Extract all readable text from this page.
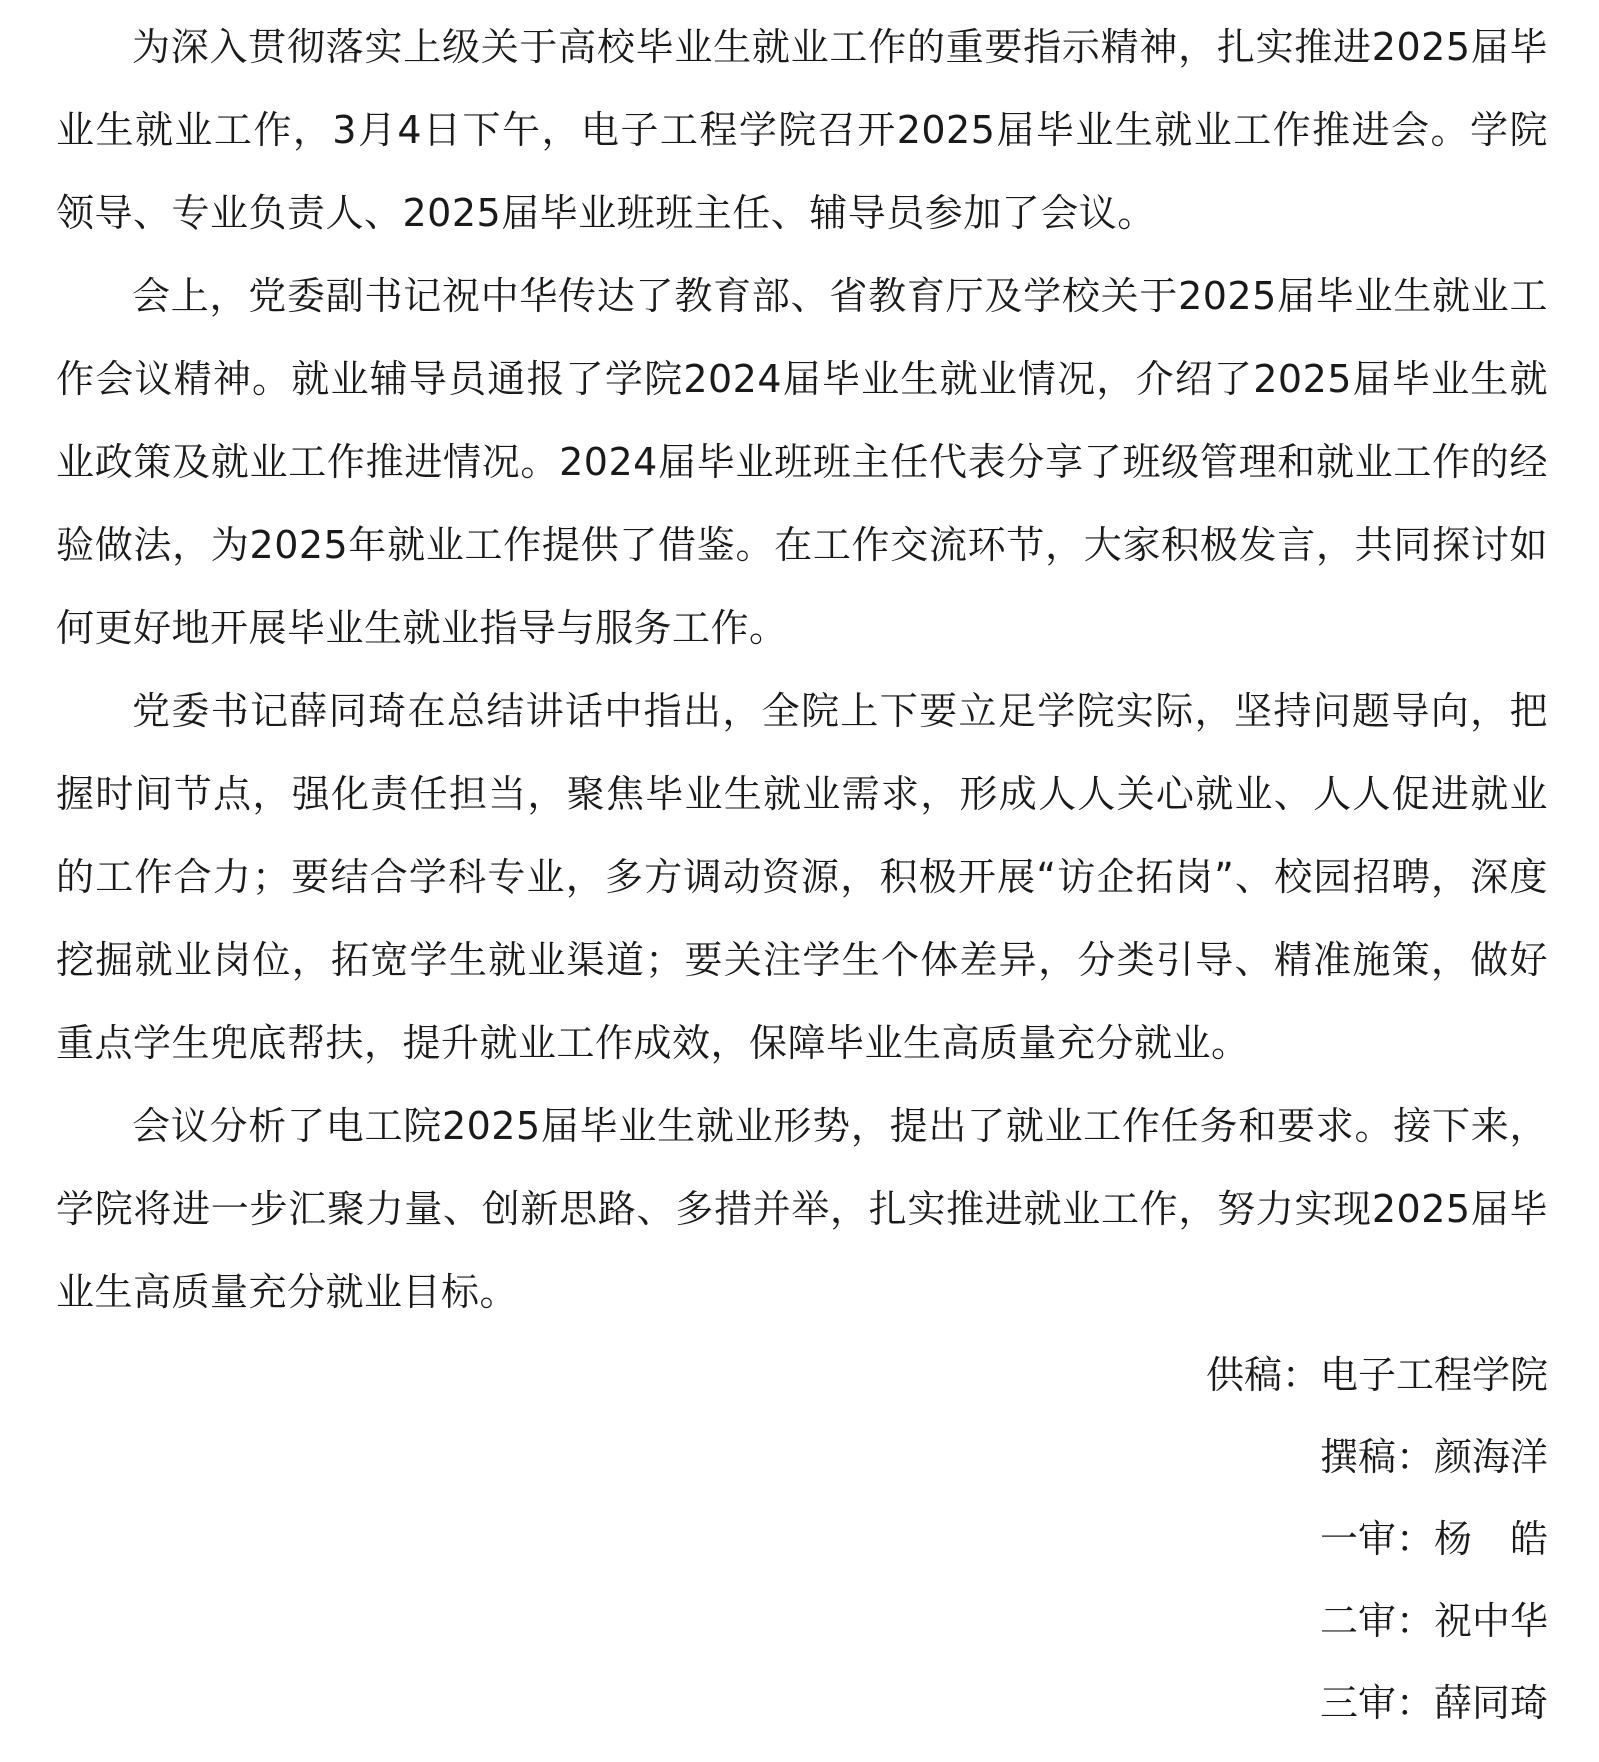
为深入贯彻落实上级关于高校毕业生就业工作的重要指示精神，扎实推进2025届毕业生就业工作，3月4日下午，电子工程学院召开2025届毕业生就业工作推进会。学院领导、专业负责人、2025届毕业班班主任、辅导员参加了会议。

会上，党委副书记祝中华传达了教育部、省教育厅及学校关于2025届毕业生就业工作会议精神。就业辅导员通报了学院2024届毕业生就业情况，介绍了2025届毕业生就业政策及就业工作推进情况。2024届毕业班班主任代表分享了班级管理和就业工作的经验做法，为2025年就业工作提供了借鉴。在工作交流环节，大家积极发言，共同探讨如何更好地开展毕业生就业指导与服务工作。

党委书记薛同琦在总结讲话中指出，全院上下要立足学院实际，坚持问题导向，把握时间节点，强化责任担当，聚焦毕业生就业需求，形成人人关心就业、人人促进就业的工作合力；要结合学科专业，多方调动资源，积极开展“访企拓岗”、校园招聘，深度挖掘就业岗位，拓宽学生就业渠道；要关注学生个体差异，分类引导、精准施策，做好重点学生兜底帮扶，提升就业工作成效，保障毕业生高质量充分就业。

会议分析了电工院2025届毕业生就业形势，提出了就业工作任务和要求。接下来，学院将进一步汇聚力量、创新思路、多措并举，扎实推进就业工作，努力实现2025届毕业生高质量充分就业目标。

供稿：电子工程学院
撰稿：颜海洋
一审：杨　皓
二审：祝中华
三审：薛同琦
